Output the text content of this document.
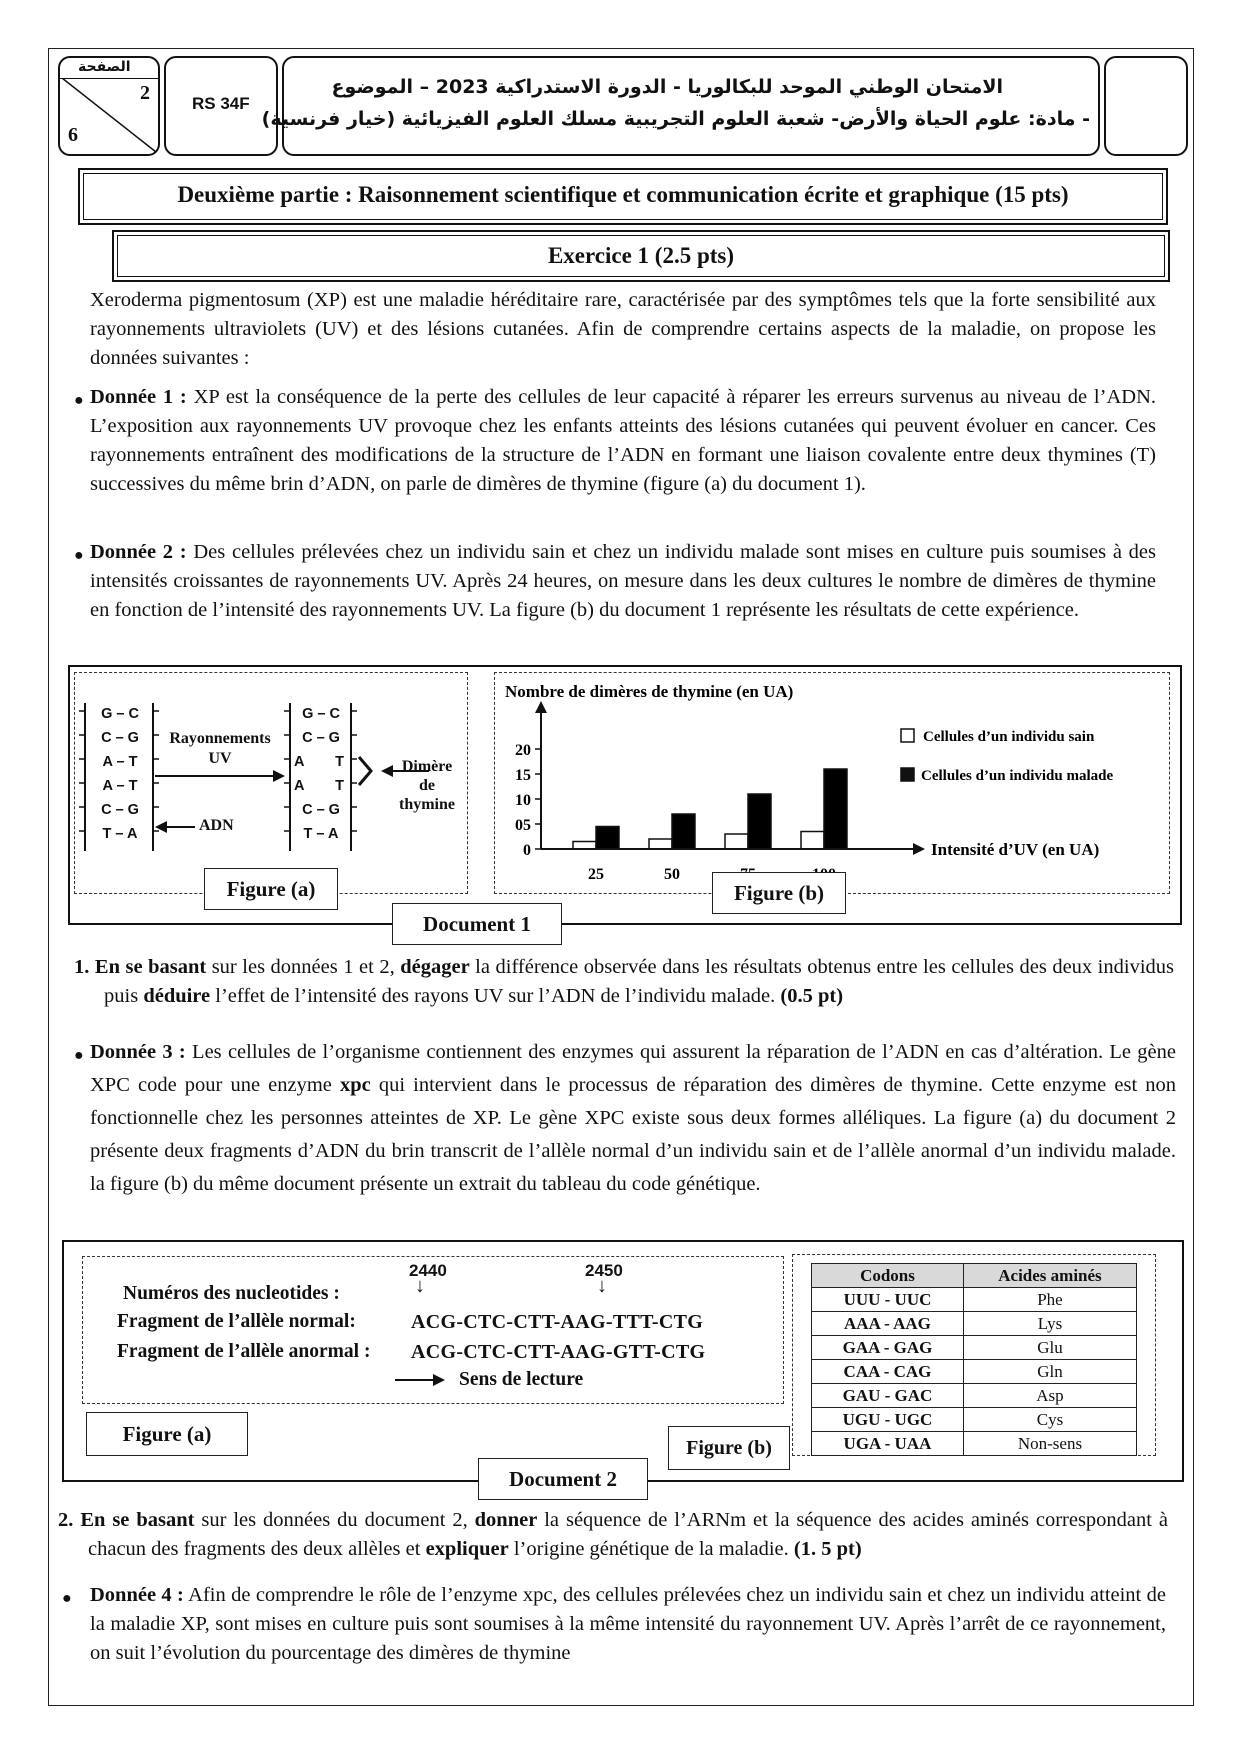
الصفحة
2
6
RS 34F
الامتحان الوطني الموحد للبكالوريا - الدورة الاستدراكية 2023 – الموضوع
- مادة: علوم الحياة والأرض- شعبة العلوم التجريبية مسلك العلوم الفيزيائية (خيار فرنسية)
Deuxième partie : Raisonnement scientifique et communication écrite et graphique (15 pts)
Exercice 1 (2.5 pts)
Xeroderma pigmentosum (XP) est une maladie héréditaire rare, caractérisée par des symptômes tels que la forte sensibilité aux rayonnements ultraviolets (UV) et des lésions cutanées. Afin de comprendre certains aspects de la maladie, on propose les données suivantes :
● Donnée 1 : XP est la conséquence de la perte des cellules de leur capacité à réparer les erreurs survenus au niveau de l’ADN. L’exposition aux rayonnements UV provoque chez les enfants atteints des lésions cutanées qui peuvent évoluer en cancer. Ces rayonnements entraînent des modifications de la structure de l’ADN en formant une liaison covalente entre deux thymines (T) successives du même brin d’ADN, on parle de dimères de thymine (figure (a) du document 1).
● Donnée 2 : Des cellules prélevées chez un individu sain et chez un individu malade sont mises en culture puis soumises à des intensités croissantes de rayonnements UV. Après 24 heures, on mesure dans les deux cultures le nombre de dimères de thymine en fonction de l’intensité des rayonnements UV. La figure (b) du document 1 représente les résultats de cette expérience.
G – C
C – G
A – T
A – T
C – G
T – A
G – C
C – G
A T
A T
C – G
T – A
Rayonnements
UV
ADN
Dimère
de
thymine
Figure (a)
Nombre de dimères de thymine (en UA)
0
05
10
15
20
25	50
Intensité d’UV (en UA)
Cellules d’un individu sain
Cellules d’un individu malade
Figure (b)
Document 1
1. En se basant sur les données 1 et 2, dégager la différence observée dans les résultats obtenus entre les cellules des deux individus puis déduire l’effet de l’intensité des rayons UV sur l’ADN de l’individu malade. (0.5 pt)
● Donnée 3 : Les cellules de l’organisme contiennent des enzymes qui assurent la réparation de l’ADN en cas d’altération. Le gène XPC code pour une enzyme xpc qui intervient dans le processus de réparation des dimères de thymine. Cette enzyme est non fonctionnelle chez les personnes atteintes de XP. Le gène XPC existe sous deux formes alléliques. La figure (a) du document 2 présente deux fragments d’ADN du brin transcrit de l’allèle normal d’un individu sain et de l’allèle anormal d’un individu malade. la figure (b) du même document présente un extrait du tableau du code génétique.
2440	2450
↓	↓
Numéros des nucleotides :
Fragment de l’allèle normal:	ACG-CTC-CTT-AAG-TTT-CTG
Fragment de l’allèle anormal : ACG-CTC-CTT-AAG-GTT-CTG
Sens de lecture
Figure (a)
Codons	Acides aminés
UUU - UUC	Phe
AAA - AAG	Lys
GAA - GAG	Glu
CAA - CAG	Gln
GAU - GAC	Asp
UGU - UGC	Cys
UGA - UAA	Non-sens
Figure (b)
Document 2
2. En se basant sur les données du document 2, donner la séquence de l’ARNm et la séquence des acides aminés correspondant à chacun des fragments des deux allèles et expliquer l’origine génétique de la maladie. (1. 5 pt)
● Donnée 4 : Afin de comprendre le rôle de l’enzyme xpc, des cellules prélevées chez un individu sain et chez un individu atteint de la maladie XP, sont mises en culture puis sont soumises à la même intensité du rayonnement UV. Après l’arrêt de ce rayonnement, on suit l’évolution du pourcentage des dimères de thymine
